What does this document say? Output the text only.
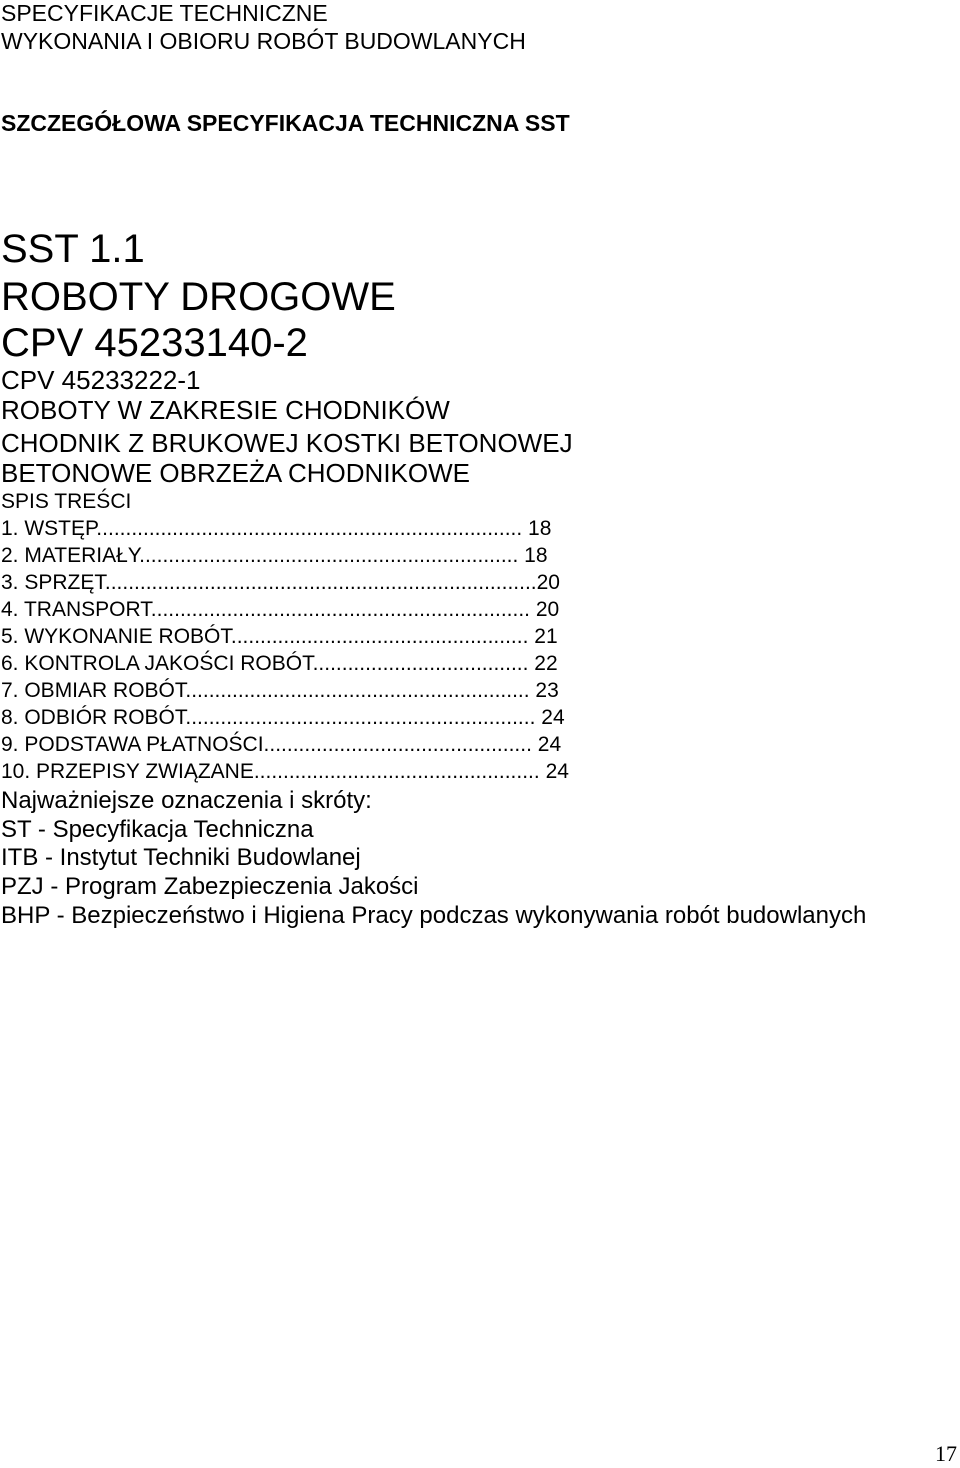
SPECYFIKACJE TECHNICZNE
WYKONANIA I OBIORU ROBÓT BUDOWLANYCH
SZCZEGÓŁOWA SPECYFIKACJA TECHNICZNA SST
SST 1.1
ROBOTY DROGOWE
CPV 45233140-2
CPV 45233222-1
ROBOTY W ZAKRESIE CHODNIKÓW
CHODNIK Z BRUKOWEJ KOSTKI BETONOWEJ
BETONOWE OBRZEŻA CHODNIKOWE
SPIS TREŚCI
1. WSTĘP......................................................................... 18
2. MATERIAŁY................................................................. 18
3. SPRZĘT..........................................................................20
4. TRANSPORT................................................................. 20
5. WYKONANIE ROBÓT................................................... 21
6. KONTROLA JAKOŚCI ROBÓT..................................... 22
7. OBMIAR ROBÓT........................................................... 23
8. ODBIÓR ROBÓT............................................................ 24
9. PODSTAWA PŁATNOŚCI.............................................. 24
10. PRZEPISY ZWIĄZANE................................................. 24
Najważniejsze oznaczenia i skróty:
ST - Specyfikacja Techniczna
ITB - Instytut Techniki Budowlanej
PZJ - Program Zabezpieczenia Jakości
BHP - Bezpieczeństwo i Higiena Pracy podczas wykonywania robót budowlanych
17
